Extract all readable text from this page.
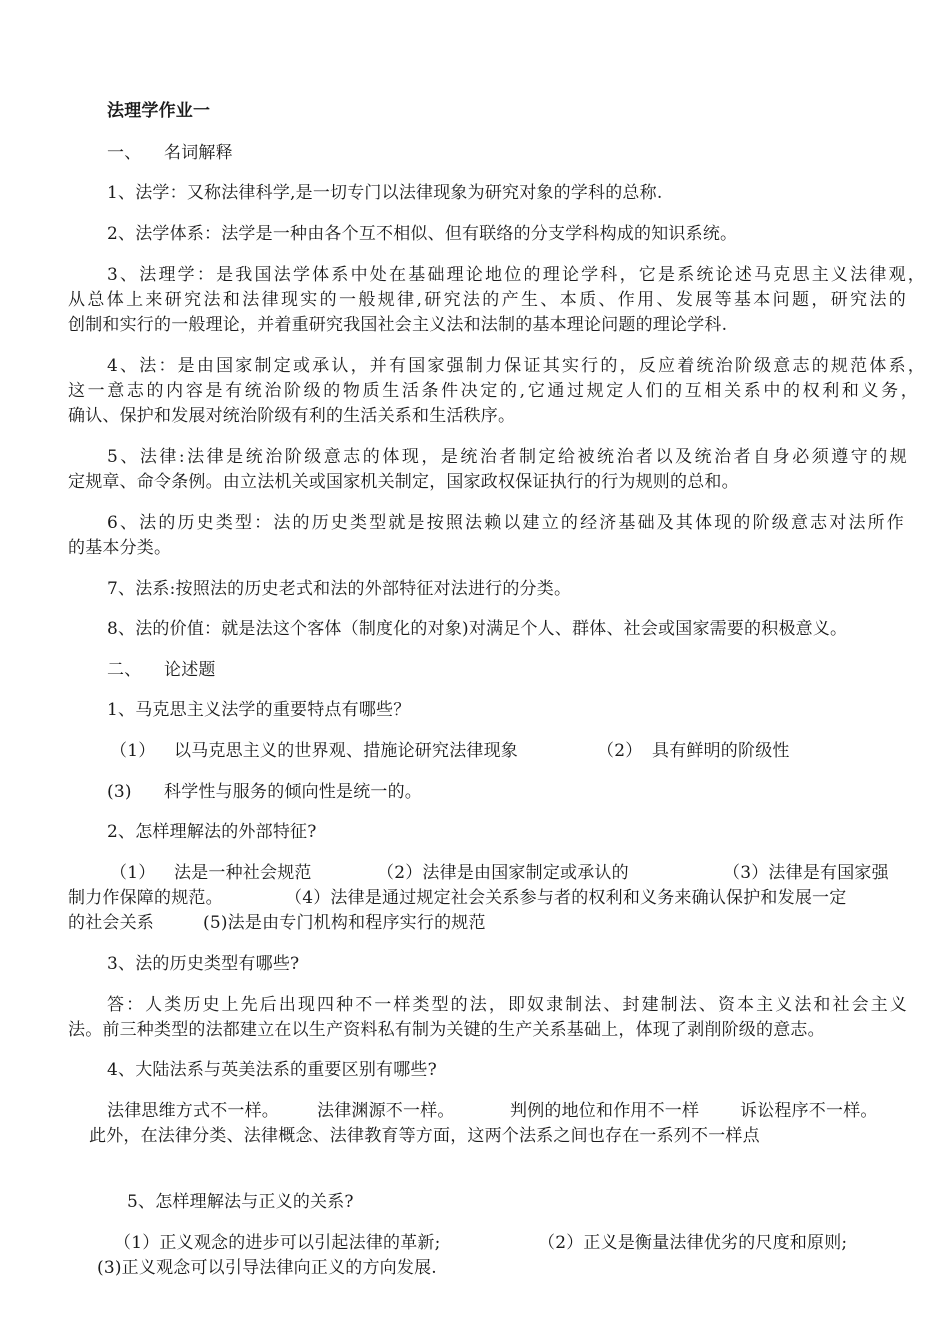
法理学作业一
一、 名词解释
1、法学：又称法律科学,是一切专门以法律现象为研究对象的学科的总称.
2、法学体系：法学是一种由各个互不相似、但有联络的分支学科构成的知识系统。
3、法理学：是我国法学体系中处在基础理论地位的理论学科，它是系统论述马克思主义法律观，
从总体上来研究法和法律现实的一般规律,研究法的产生、本质、作用、发展等基本问题，研究法的
创制和实行的一般理论，并着重研究我国社会主义法和法制的基本理论问题的理论学科.
4、法：是由国家制定或承认，并有国家强制力保证其实行的，反应着统治阶级意志的规范体系，
这一意志的内容是有统治阶级的物质生活条件决定的,它通过规定人们的互相关系中的权利和义务，
确认、保护和发展对统治阶级有利的生活关系和生活秩序。
5、法律:法律是统治阶级意志的体现，是统治者制定给被统治者以及统治者自身必须遵守的规
定规章、命令条例。由立法机关或国家机关制定，国家政权保证执行的行为规则的总和。
6、法的历史类型：法的历史类型就是按照法赖以建立的经济基础及其体现的阶级意志对法所作
的基本分类。
7、法系:按照法的历史老式和法的外部特征对法进行的分类。
8、法的价值：就是法这个客体（制度化的对象)对满足个人、群体、社会或国家需要的积极意义。
二、 论述题
1、马克思主义法学的重要特点有哪些？
（1） 以马克思主义的世界观、措施论研究法律现象	（2） 具有鲜明的阶级性
(3) 科学性与服务的倾向性是统一的。
2、怎样理解法的外部特征?
（1） 法是一种社会规范	（2）法律是由国家制定或承认的	（3）法律是有国家强
制力作保障的规范。	（4）法律是通过规定社会关系参与者的权利和义务来确认保护和发展一定
的社会关系	(5)法是由专门机构和程序实行的规范
3、法的历史类型有哪些?
答：人类历史上先后出现四种不一样类型的法，即奴隶制法、封建制法、资本主义法和社会主义
法。前三种类型的法都建立在以生产资料私有制为关键的生产关系基础上，体现了剥削阶级的意志。
4、大陆法系与英美法系的重要区别有哪些?
法律思维方式不一样。 法律渊源不一样。	判例的地位和作用不一样 诉讼程序不一样。
此外，在法律分类、法律概念、法律教育等方面，这两个法系之间也存在一系列不一样点
5、怎样理解法与正义的关系?
（1）正义观念的进步可以引起法律的革新;	（2）正义是衡量法律优劣的尺度和原则;
(3)正义观念可以引导法律向正义的方向发展.
